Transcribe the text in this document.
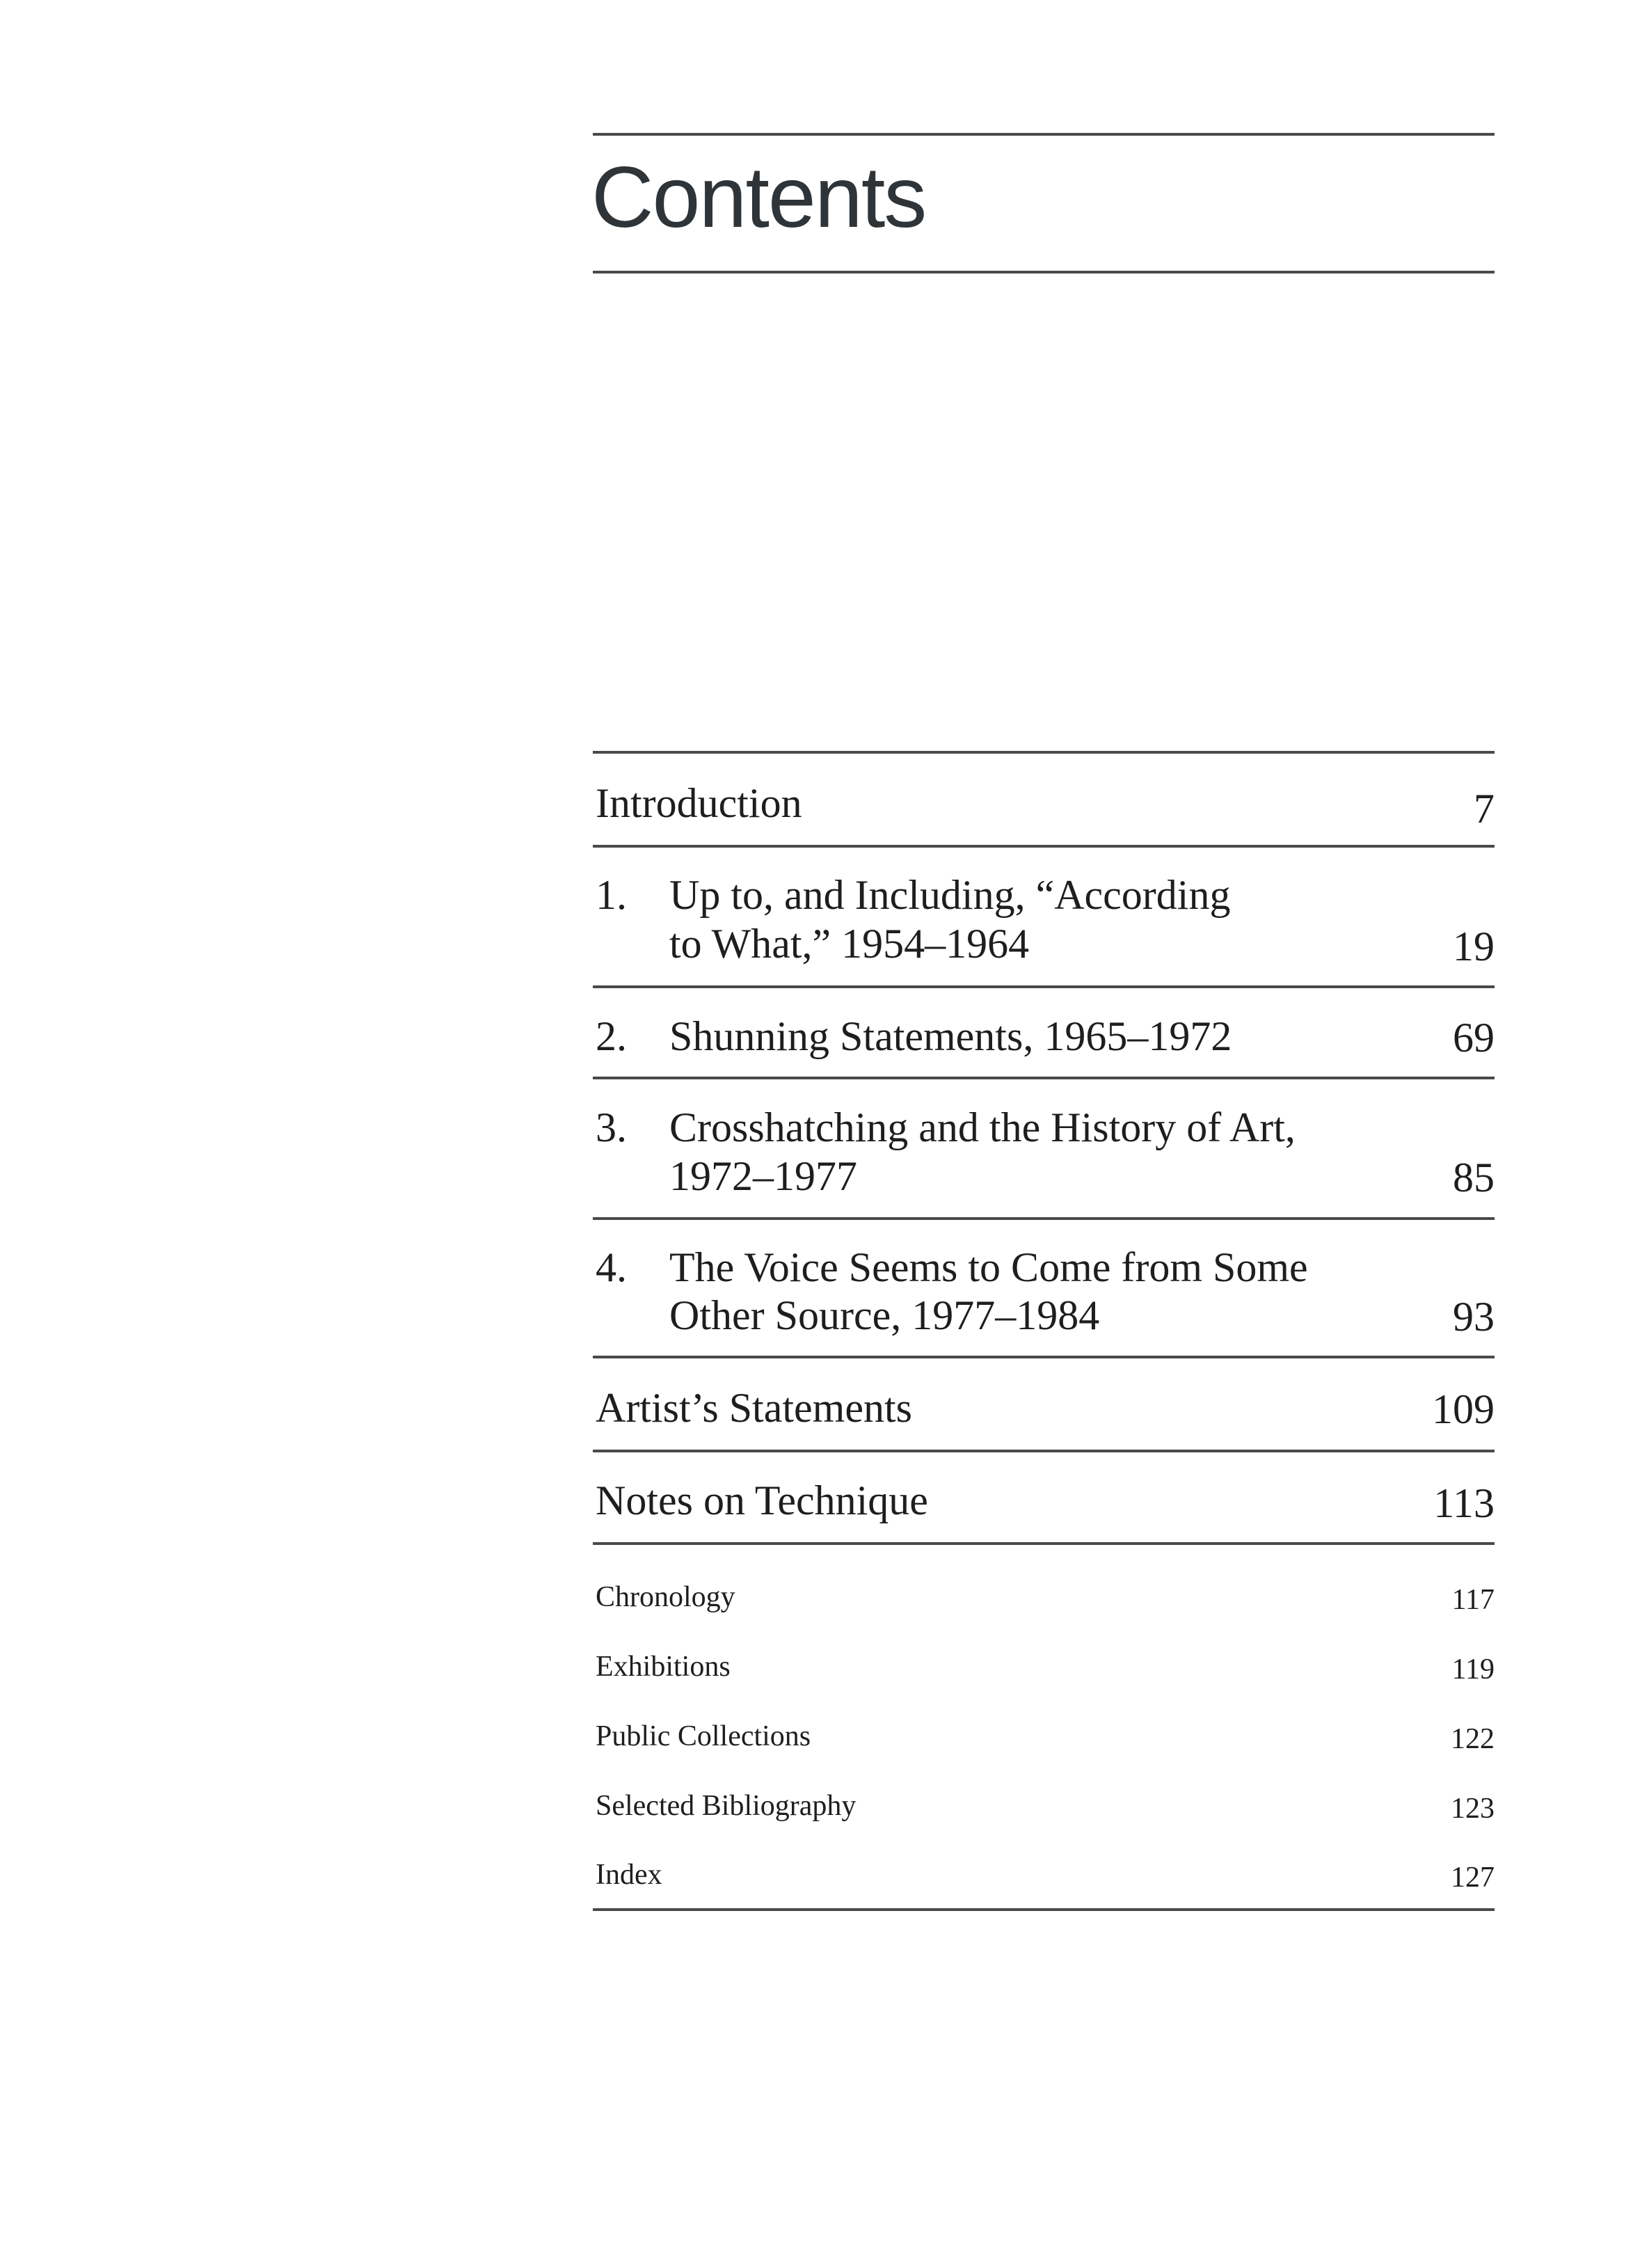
Contents
Introduction	7
1. Up to, and Including, “According
to What,” 1954–1964	19
2. Shunning Statements, 1965–1972	69
3. Crosshatching and the History of Art,
1972–1977	85
4. The Voice Seems to Come from Some
Other Source, 1977–1984	93
Artist’s Statements	109
Notes on Technique	113
Chronology	117
Exhibitions	119
Public Collections	122
Selected Bibliography	123
Index	127
